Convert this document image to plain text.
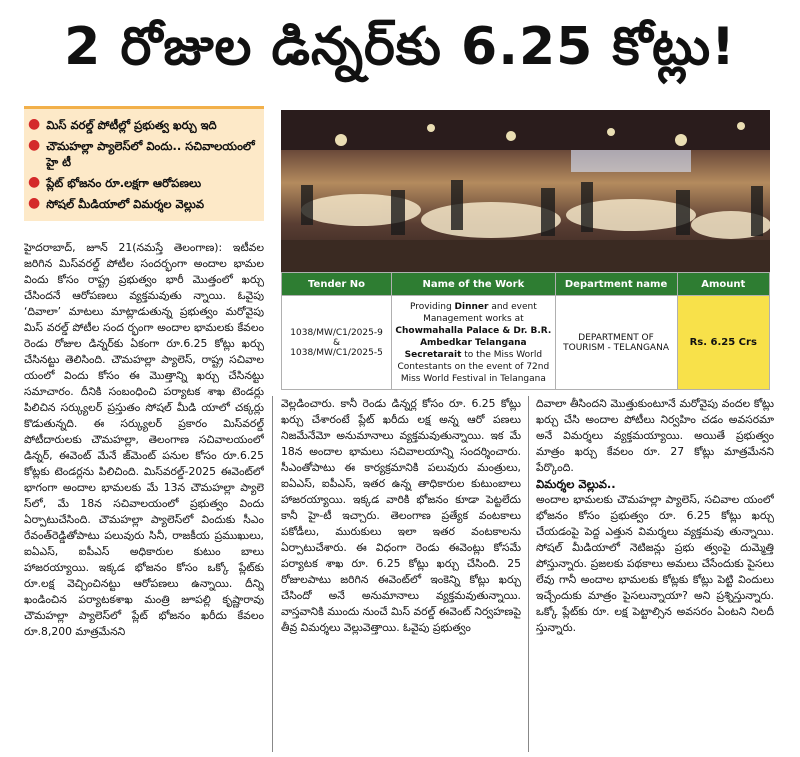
2 రోజుల డిన్నర్‌కు 6.25 కోట్లు!
● మిస్ వరల్డ్ పోటీల్లో ప్రభుత్వ ఖర్చు ఇది
● చౌమహల్లా ప్యాలెస్‌లో విందు.. సచివాలయంలో హై టీ
● ప్లేట్ భోజనం రూ.లక్షగా ఆరోపణలు
● సోషల్ మీడియాలో విమర్శల వెల్లువ
Tender No	Name of the Work	Department name	Amount

1038/MW/C1/2025-9
&
1038/MW/C1/2025-5	Providing Dinner and event Management works at Chowmahalla Palace & Dr. B.R. Ambedkar Telangana Secretarait to the Miss World Contestants on the event of 72nd Miss World Festival in Telangana	DEPARTMENT OF TOURISM - TELANGANA	Rs. 6.25 Crs

హైదరాబాద్, జూన్ 21(నమస్తే తెలంగాణ): ఇటీవల జరిగిన మిస్‌వరల్డ్ పోటీల సందర్భంగా అందాల భామల విందు కోసం రాష్ట్ర ప్రభుత్వం భారీ మొత్తంలో ఖర్చు చేసిందనే ఆరోపణలు వ్యక్తమవుతు న్నాయి. ఓవైపు ‘దివాలా’ మాటలు మాట్లాడుతున్న ప్రభుత్వం మరోవైపు మిస్ వరల్డ్ పోటీల సంద ర్భంగా అందాల భామలకు కేవలం రెండు రోజుల డిన్నర్‌కు ఏకంగా రూ.6.25 కోట్లు ఖర్చు చేసినట్టు తెలిసింది. చౌమహల్లా ప్యాలెస్, రాష్ట్ర సచివాల యంలో విందు కోసం ఈ మొత్తాన్ని ఖర్చు చేసినట్టు సమాచారం. దీనికి సంబంధించి పర్యాటక శాఖ టెండర్లు పిలిచిన సర్క్యులర్ ప్రస్తుతం సోషల్ మీడి యాలో చక్కర్లు కొడుతున్నది. ఈ సర్క్యులర్ ప్రకారం మిస్‌వరల్డ్ పోటీదారులకు చౌమహల్లా, తెలంగాణ సచివాలయంలో డిన్నర్, ఈవెంట్ మేనే జ్‌మెంట్ పనుల కోసం రూ.6.25 కోట్లకు టెండర్లను పిలిచింది. మిస్‌వరల్డ్-2025 ఈవెంట్‌లో భాగంగా అందాల భామలకు మే 13న చౌమహల్లా ప్యాలె స్‌లో, మే 18న సచివాలయంలో ప్రభుత్వం విందు ఏర్పాటుచేసింది. చౌమహల్లా ప్యాలెస్‌లో విందుకు సీఎం రేవంత్‌రెడ్డితోపాటు పలువురు సినీ, రాజకీయ ప్రముఖులు, ఐఏఎస్, ఐపీఎస్ అధికారుల కుటుం బాలు హాజరయ్యాయి. ఇక్కడ భోజనం కోసం ఒక్కో ప్లేట్‌కు రూ.లక్ష వెచ్చించినట్టు ఆరోపణలు ఉన్నాయి. దీన్ని ఖండించిన పర్యాటకశాఖ మంత్రి జూపల్లి కృష్ణారావు చౌమహల్లా ప్యాలెస్‌లో ప్లేట్ భోజనం ఖరీదు కేవలం రూ.8,200 మాత్రమేనని

వెల్లడించారు. కానీ రెండు డిన్నర్ల కోసం రూ. 6.25 కోట్లు ఖర్చు చేశారంటే ప్లేట్ ఖరీదు లక్ష అన్న ఆరో పణలు నిజమేనేమో అనుమానాలు వ్యక్తమవుతున్నాయి. ఇక మే 18న అందాల భామలు సచివాలయాన్ని సందర్శించారు. సీఎంతోపాటు ఈ కార్యక్రమానికి పలువురు మంత్రులు, ఐఏఎస్, ఐపీఎస్, ఇతర ఉన్న తాధికారుల కుటుంబాలు హాజరయ్యాయి. ఇక్కడ వారికి భోజనం కూడా పెట్టలేదు కానీ హై-టీ ఇచ్చారు. తెలంగాణ ప్రత్యేక వంటకాలు పకోడీలు, మురుకులు ఇలా ఇతర వంటకాలను ఏర్పాటుచేశారు. ఈ విధంగా రెండు ఈవెంట్లు కోసమే పర్యాటక శాఖ రూ. 6.25 కోట్లు ఖర్చు చేసింది. 25 రోజులపాటు జరిగిన ఈవెంట్‌లో ఇంకెన్ని కోట్లు ఖర్చు చేసిందో అనే అనుమానాలు వ్యక్తమవుతున్నాయి. వాస్తవానికి ముందు నుంచే మిస్ వరల్డ్ ఈవెంట్ నిర్వహణపై తీవ్ర విమర్శలు వెల్లువెత్తాయి. ఓవైపు ప్రభుత్వం

దివాలా తీసిందని మొత్తుకుంటూనే మరోవైపు వందల కోట్లు ఖర్చు చేసి అందాల పోటీలు నిర్వహిం చడం అవసరమా అనే విమర్శలు వ్యక్తమయ్యాయి. అయితే ప్రభుత్వం మాత్రం ఖర్చు కేవలం రూ. 27 కోట్లు మాత్రమేనని పేర్కొంది.

విమర్శల వెల్లువ..

అందాల భామలకు చౌమహల్లా ప్యాలెస్, సచివాల యంలో భోజనం కోసం ప్రభుత్వం రూ. 6.25 కోట్లు ఖర్చు చేయడంపై పెద్ద ఎత్తున విమర్శలు వ్యక్తమవు తున్నాయి. సోషల్ మీడియాలో నెటిజన్లు ప్రభు త్వంపై దుమ్మెత్తి పోస్తున్నారు. ప్రజలకు పథకాలు అమలు చేసేందుకు పైసలు లేవు గానీ అందాల భామలకు కోట్లకు కోట్లు పెట్టి విందులు ఇచ్చేందుకు మాత్రం పైసలున్నాయా? అని ప్రశ్నిస్తున్నారు. ఒక్కో ప్లేట్‌కు రూ. లక్ష పెట్టాల్సిన అవసరం ఏంటని నిలదీ స్తున్నారు.
